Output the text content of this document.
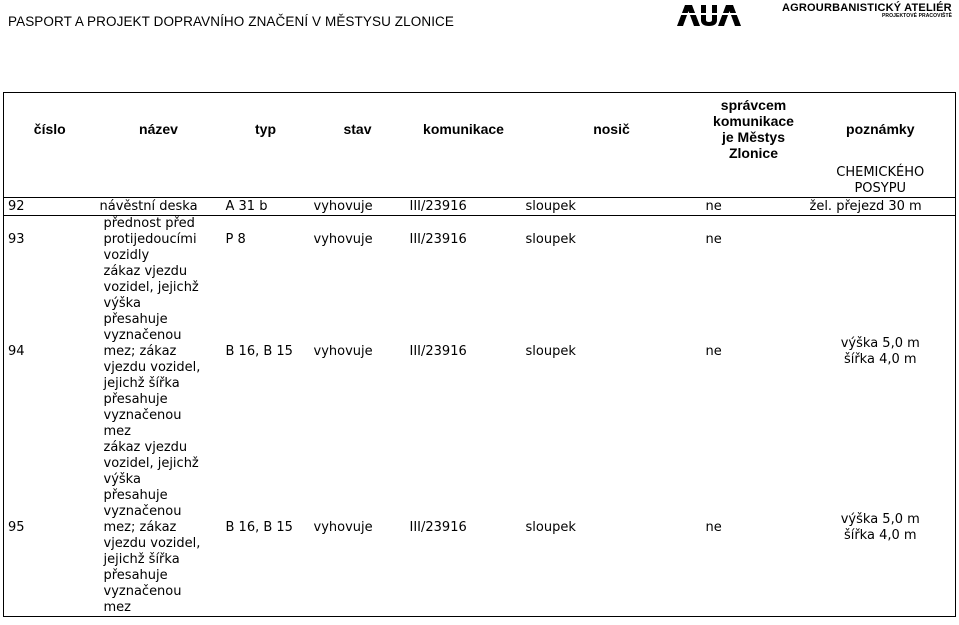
PASPORT A PROJEKT DOPRAVNÍHO ZNAČENÍ V MĚSTYSU ZLONICE
AGROURBANISTICKÝ ATELIÉR
PROJEKTOVÉ PRACOVIŠTĚ
číslo	název	typ	stav	komunikace	nosič	správcem komunikace je Městys Zlonice	poznámky
							CHEMICKÉHO POSYPU
92	návěstní deska	A 31 b	vyhovuje	III/23916	sloupek	ne	žel. přejezd 30 m
93	přednost před protijedoucími vozidly	P 8	vyhovuje	III/23916	sloupek	ne	
94	zákaz vjezdu vozidel, jejichž výška přesahuje vyznačenou mez; zákaz vjezdu vozidel, jejichž šířka přesahuje vyznačenou mez	B 16, B 15	vyhovuje	III/23916	sloupek	ne	výška 5,0 m
šířka 4,0 m

95	zákaz vjezdu vozidel, jejichž výška přesahuje vyznačenou mez; zákaz vjezdu vozidel, jejichž šířka přesahuje vyznačenou mez	B 16, B 15	vyhovuje	III/23916	sloupek	ne	výška 5,0 m
šířka 4,0 m
